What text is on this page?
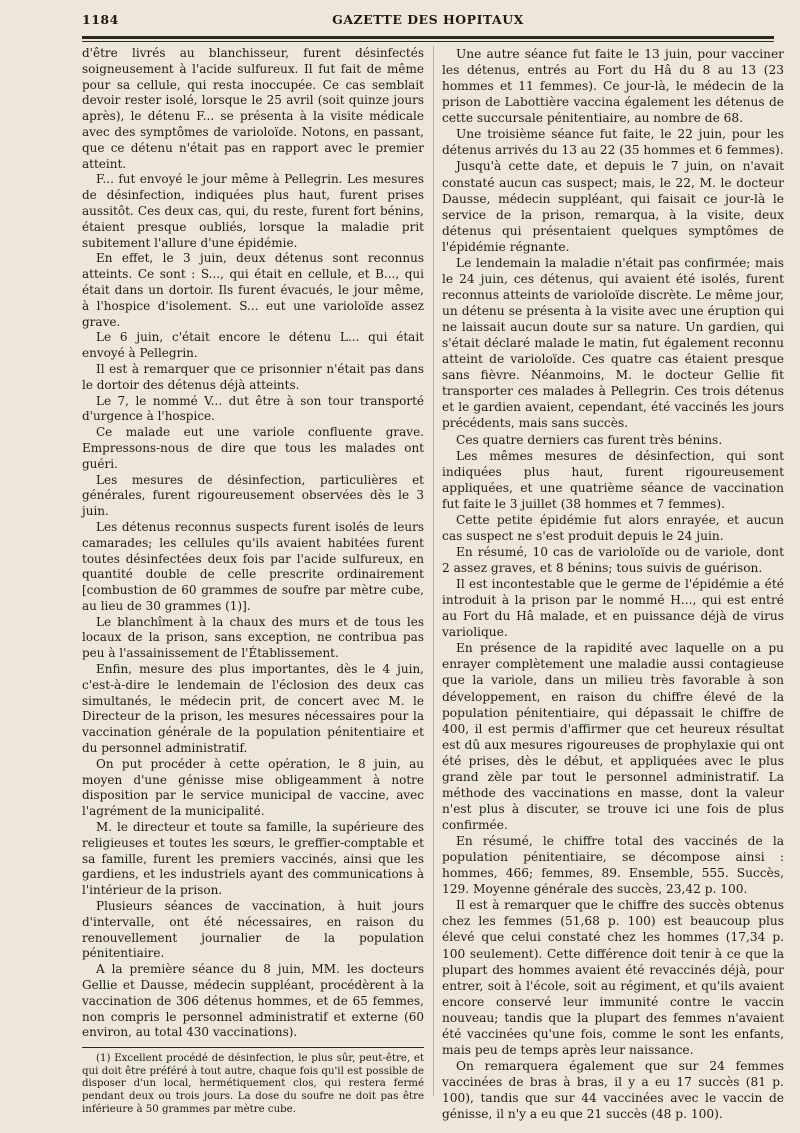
1184	GAZETTE DES HOPITAUX

d'être livrés au blanchisseur, furent désinfectés soigneusement à l'acide sulfureux. Il fut fait de même pour sa cellule, qui resta inoccupée. Ce cas semblait devoir rester isolé, lorsque le 25 avril (soit quinze jours après), le détenu F... se présenta à la visite médicale avec des symptômes de varioloïde. Notons, en passant, que ce détenu n'était pas en rapport avec le premier atteint.

F... fut envoyé le jour même à Pellegrin. Les mesures de désinfection, indiquées plus haut, furent prises aussitôt. Ces deux cas, qui, du reste, furent fort bénins, étaient presque oubliés, lorsque la maladie prit subitement l'allure d'une épidémie.

En effet, le 3 juin, deux détenus sont reconnus atteints. Ce sont : S..., qui était en cellule, et B..., qui était dans un dortoir. Ils furent évacués, le jour même, à l'hospice d'isolement. S... eut une varioloïde assez grave.

Le 6 juin, c'était encore le détenu L... qui était envoyé à Pellegrin.

Il est à remarquer que ce prisonnier n'était pas dans le dortoir des détenus déjà atteints.

Le 7, le nommé V... dut être à son tour transporté d'urgence à l'hospice.

Ce malade eut une variole confluente grave. Empressons-nous de dire que tous les malades ont guéri.

Les mesures de désinfection, particulières et générales, furent rigoureusement observées dès le 3 juin.

Les détenus reconnus suspects furent isolés de leurs camarades; les cellules qu'ils avaient habitées furent toutes désinfectées deux fois par l'acide sulfureux, en quantité double de celle prescrite ordinairement [combustion de 60 grammes de soufre par mètre cube, au lieu de 30 grammes (1)].

Le blanchîment à la chaux des murs et de tous les locaux de la prison, sans exception, ne contribua pas peu à l'assainissement de l'Établissement.

Enfin, mesure des plus importantes, dès le 4 juin, c'est-à-dire le lendemain de l'éclosion des deux cas simultanés, le médecin prit, de concert avec M. le Directeur de la prison, les mesures nécessaires pour la vaccination générale de la population pénitentiaire et du personnel administratif.

On put procéder à cette opération, le 8 juin, au moyen d'une génisse mise obligeamment à notre disposition par le service municipal de vaccine, avec l'agrément de la municipalité.

M. le directeur et toute sa famille, la supérieure des religieuses et toutes les sœurs, le greffier-comptable et sa famille, furent les premiers vaccinés, ainsi que les gardiens, et les industriels ayant des communications à l'intérieur de la prison.

Plusieurs séances de vaccination, à huit jours d'intervalle, ont été nécessaires, en raison du renouvellement journalier de la population pénitentiaire.

A la première séance du 8 juin, MM. les docteurs Gellie et Dausse, médecin suppléant, procédèrent à la vaccination de 306 détenus hommes, et de 65 femmes, non compris le personnel administratif et externe (60 environ, au total 430 vaccinations).

(1) Excellent procédé de désinfection, le plus sûr, peut-être, et qui doit être préféré à tout autre, chaque fois qu'il est possible de disposer d'un local, hermétiquement clos, qui restera fermé pendant deux ou trois jours. La dose du soufre ne doit pas être inférieure à 50 grammes par mètre cube.

Une autre séance fut faite le 13 juin, pour vacciner les détenus, entrés au Fort du Hâ du 8 au 13 (23 hommes et 11 femmes). Ce jour-là, le médecin de la prison de Labottière vaccina également les détenus de cette succursale pénitentiaire, au nombre de 68.

Une troisième séance fut faite, le 22 juin, pour les détenus arrivés du 13 au 22 (35 hommes et 6 femmes).

Jusqu'à cette date, et depuis le 7 juin, on n'avait constaté aucun cas suspect; mais, le 22, M. le docteur Dausse, médecin suppléant, qui faisait ce jour-là le service de la prison, remarqua, à la visite, deux détenus qui présentaient quelques symptômes de l'épidémie régnante.

Le lendemain la maladie n'était pas confirmée; mais le 24 juin, ces détenus, qui avaient été isolés, furent reconnus atteints de varioloïde discrète. Le même jour, un détenu se présenta à la visite avec une éruption qui ne laissait aucun doute sur sa nature. Un gardien, qui s'était déclaré malade le matin, fut également reconnu atteint de varioloïde. Ces quatre cas étaient presque sans fièvre. Néanmoins, M. le docteur Gellie fit transporter ces malades à Pellegrin. Ces trois détenus et le gardien avaient, cependant, été vaccinés les jours précédents, mais sans succès.

Ces quatre derniers cas furent très bénins.

Les mêmes mesures de désinfection, qui sont indiquées plus haut, furent rigoureusement appliquées, et une quatrième séance de vaccination fut faite le 3 juillet (38 hommes et 7 femmes).

Cette petite épidémie fut alors enrayée, et aucun cas suspect ne s'est produit depuis le 24 juin.

En résumé, 10 cas de varioloïde ou de variole, dont 2 assez graves, et 8 bénins; tous suivis de guérison.

Il est incontestable que le germe de l'épidémie a été introduit à la prison par le nommé H..., qui est entré au Fort du Hâ malade, et en puissance déjà de virus variolique.

En présence de la rapidité avec laquelle on a pu enrayer complètement une maladie aussi contagieuse que la variole, dans un milieu très favorable à son développement, en raison du chiffre élevé de la population pénitentiaire, qui dépassait le chiffre de 400, il est permis d'affirmer que cet heureux résultat est dû aux mesures rigoureuses de prophylaxie qui ont été prises, dès le début, et appliquées avec le plus grand zèle par tout le personnel administratif. La méthode des vaccinations en masse, dont la valeur n'est plus à discuter, se trouve ici une fois de plus confirmée.

En résumé, le chiffre total des vaccinés de la population pénitentiaire, se décompose ainsi : hommes, 466; femmes, 89. Ensemble, 555. Succès, 129. Moyenne générale des succès, 23,42 p. 100.

Il est à remarquer que le chiffre des succès obtenus chez les femmes (51,68 p. 100) est beaucoup plus élevé que celui constaté chez les hommes (17,34 p. 100 seulement). Cette différence doit tenir à ce que la plupart des hommes avaient été revaccinés déjà, pour entrer, soit à l'école, soit au régiment, et qu'ils avaient encore conservé leur immunité contre le vaccin nouveau; tandis que la plupart des femmes n'avaient été vaccinées qu'une fois, comme le sont les enfants, mais peu de temps après leur naissance.

On remarquera également que sur 24 femmes vaccinées de bras à bras, il y a eu 17 succès (81 p. 100), tandis que sur 44 vaccinées avec le vaccin de génisse, il n'y a eu que 21 succès (48 p. 100).
